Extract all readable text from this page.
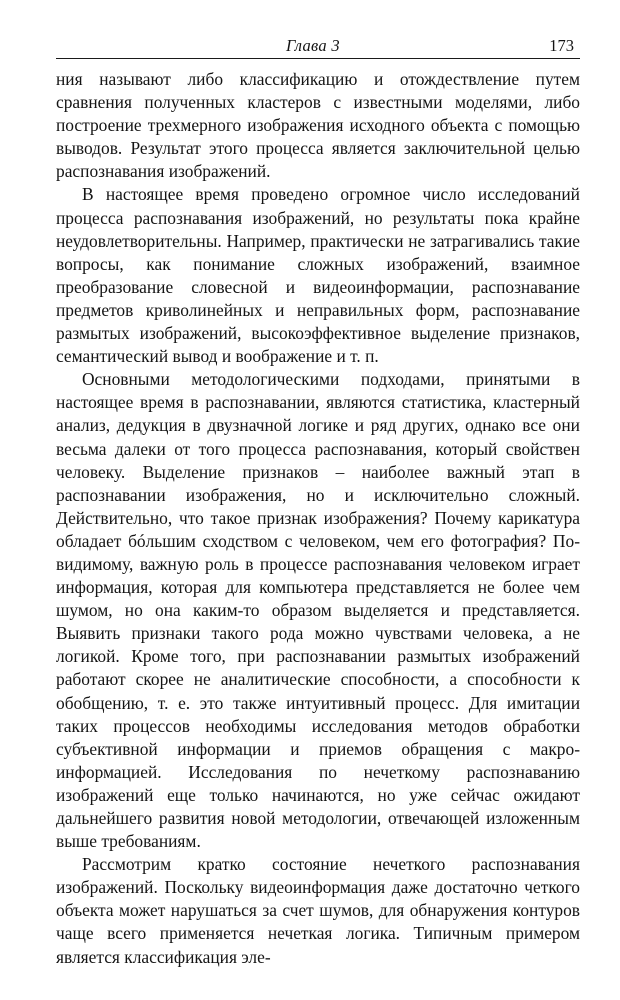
Глава 3	173

ния называют либо классификацию и отождествление путем сравнения полученных кластеров с известными моделями, либо построение трехмерного изображения исходного объекта с помощью выводов. Результат этого процесса является заключительной целью распознавания изображений.

В настоящее время проведено огромное число исследований процесса распознавания изображений, но результаты пока крайне неудовлетворительны. Например, практически не затрагивались такие вопросы, как понимание сложных изображений, взаимное преобразование словесной и видеоинформации, распознавание предметов криволинейных и неправильных форм, распознавание размытых изображений, высокоэффективное выделение признаков, семантический вывод и воображение и т. п.

Основными методологическими подходами, принятыми в настоящее время в распознавании, являются статистика, кластерный анализ, дедукция в двузначной логике и ряд других, однако все они весьма далеки от того процесса распознавания, который свойствен человеку. Выделение признаков – наиболее важный этап в распознавании изображения, но и исключительно сложный. Действительно, что такое признак изображения? Почему карикатура обладает бóльшим сходством с человеком, чем его фотография? Повидимому, важную роль в процессе распознавания человеком играет информация, которая для компьютера представляется не более чем шумом, но она каким-то образом выделяется и представляется. Выявить признаки такого рода можно чувствами человека, а не логикой. Кроме того, при распознавании размытых изображений работают скорее не аналитические способности, а способности к обобщению, т. е. это также интуитивный процесс. Для имитации таких процессов необходимы исследования методов обработки субъективной информации и приемов обращения с макроинформацией. Исследования по нечеткому распознаванию изображений еще только начинаются, но уже сейчас ожидают дальнейшего развития новой методологии, отвечающей изложенным выше требованиям.

Рассмотрим кратко состояние нечеткого распознавания изображений. Поскольку видеоинформация даже достаточно четкого объекта может нарушаться за счет шумов, для обнаружения контуров чаще всего применяется нечеткая логика. Типичным примером является классификация эле-
